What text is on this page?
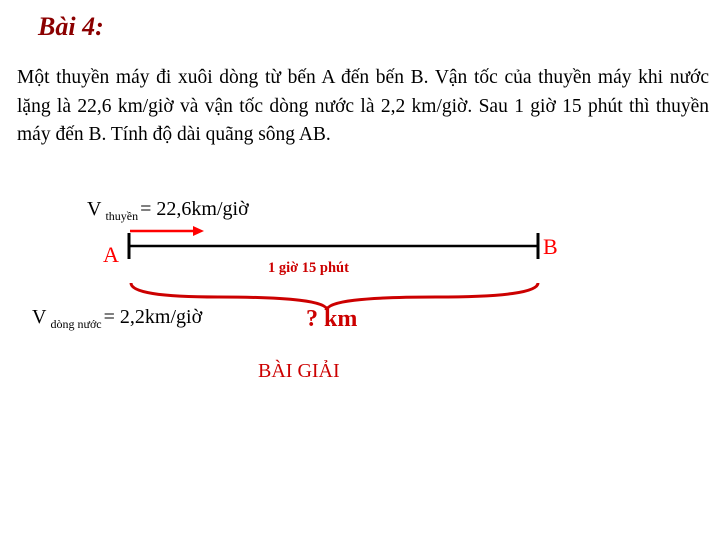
Bài 4:
Một thuyền máy đi xuôi dòng từ bến A đến bến B. Vận tốc của thuyền máy khi nước lặng là 22,6 km/giờ và vận tốc dòng nước là 2,2 km/giờ. Sau 1 giờ 15 phút thì thuyền máy đến B. Tính độ dài quãng sông AB.
V $_{thuyền}$ = 22,6km/giờ
A	B
1 giờ 15 phút
V $_{dòng nước}$ = 2,2km/giờ	? km
BÀI GIẢI
